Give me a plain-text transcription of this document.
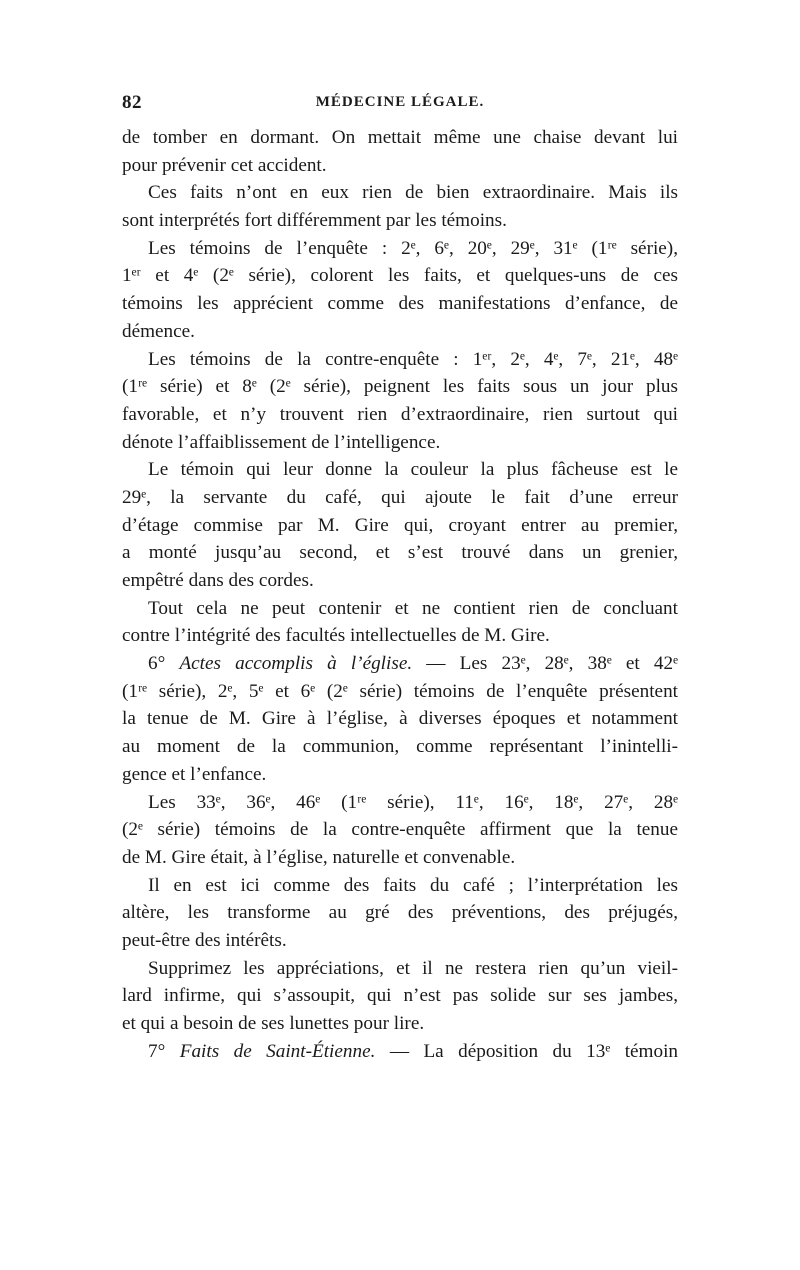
82	MÉDECINE LÉGALE.
de tomber en dormant. On mettait même une chaise devant lui
pour prévenir cet accident.
Ces faits n’ont en eux rien de bien extraordinaire. Mais ils
sont interprétés fort différemment par les témoins.
Les témoins de l’enquête : 2ᵉ, 6ᵉ, 20ᵉ, 29ᵉ, 31ᵉ (1ʳᵉ série),
1ᵉʳ et 4ᵉ (2ᵉ série), colorent les faits, et quelques-uns de ces
témoins les apprécient comme des manifestations d’enfance, de
démence.
Les témoins de la contre-enquête : 1ᵉʳ, 2ᵉ, 4ᵉ, 7ᵉ, 21ᵉ, 48ᵉ
(1ʳᵉ série) et 8ᵉ (2ᵉ série), peignent les faits sous un jour plus
favorable, et n’y trouvent rien d’extraordinaire, rien surtout qui
dénote l’affaiblissement de l’intelligence.
Le témoin qui leur donne la couleur la plus fâcheuse est le
29ᵉ, la servante du café, qui ajoute le fait d’une erreur
d’étage commise par M. Gire qui, croyant entrer au premier,
a monté jusqu’au second, et s’est trouvé dans un grenier,
empêtré dans des cordes.
Tout cela ne peut contenir et ne contient rien de concluant
contre l’intégrité des facultés intellectuelles de M. Gire.
6° Actes accomplis à l’église. — Les 23ᵉ, 28ᵉ, 38ᵉ et 42ᵉ
(1ʳᵉ série), 2ᵉ, 5ᵉ et 6ᵉ (2ᵉ série) témoins de l’enquête présentent
la tenue de M. Gire à l’église, à diverses époques et notamment
au moment de la communion, comme représentant l’inintelli-
gence et l’enfance.
Les 33ᵉ, 36ᵉ, 46ᵉ (1ʳᵉ série), 11ᵉ, 16ᵉ, 18ᵉ, 27ᵉ, 28ᵉ
(2ᵉ série) témoins de la contre-enquête affirment que la tenue
de M. Gire était, à l’église, naturelle et convenable.
Il en est ici comme des faits du café ; l’interprétation les
altère, les transforme au gré des préventions, des préjugés,
peut-être des intérêts.
Supprimez les appréciations, et il ne restera rien qu’un vieil-
lard infirme, qui s’assoupit, qui n’est pas solide sur ses jambes,
et qui a besoin de ses lunettes pour lire.
7° Faits de Saint-Étienne. — La déposition du 13ᵉ témoin
